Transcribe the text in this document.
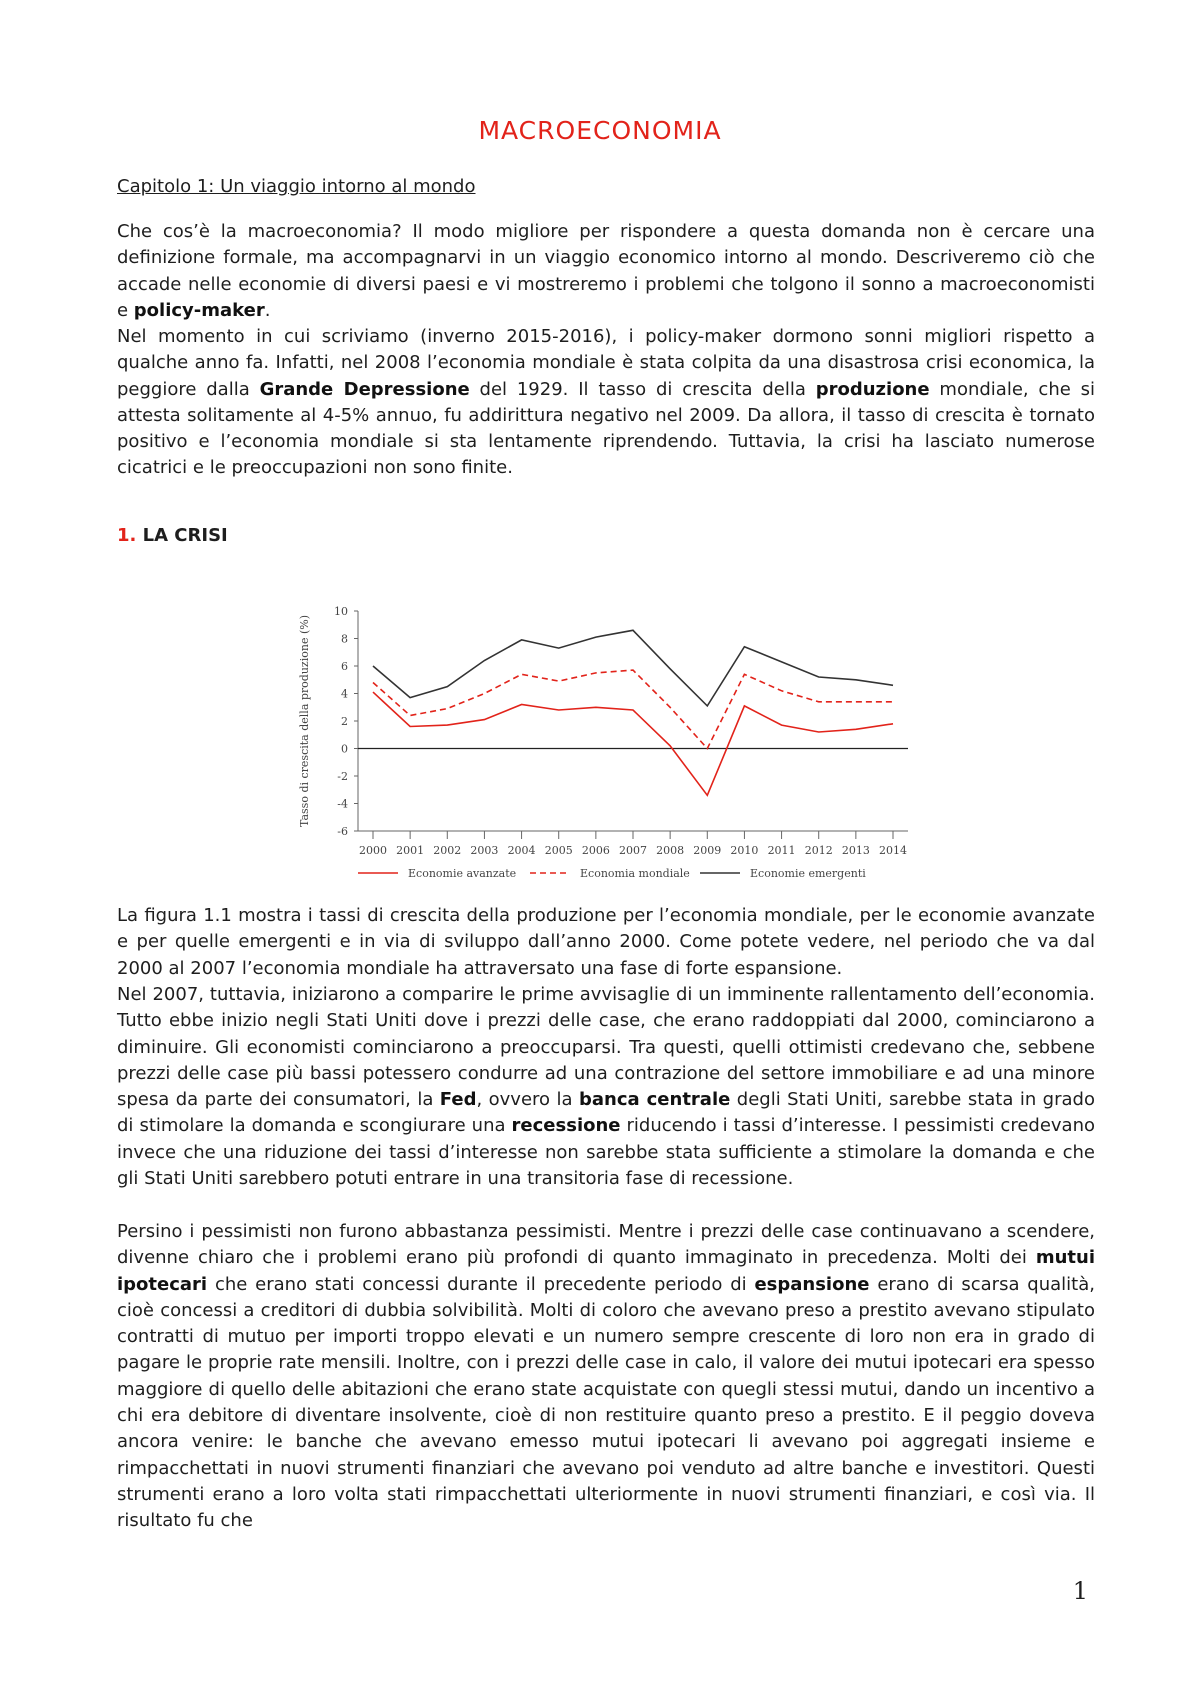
MACROECONOMIA
Capitolo 1: Un viaggio intorno al mondo
Che cos’è la macroeconomia? Il modo migliore per rispondere a questa domanda non è cercare una definizione formale, ma accompagnarvi in un viaggio economico intorno al mondo. Descriveremo ciò che accade nelle economie di diversi paesi e vi mostreremo i problemi che tolgono il sonno a macroeconomisti e policy-maker.
Nel momento in cui scriviamo (inverno 2015-2016), i policy-maker dormono sonni migliori rispetto a qualche anno fa. Infatti, nel 2008 l’economia mondiale è stata colpita da una disastrosa crisi economica, la peggiore dalla Grande Depressione del 1929. Il tasso di crescita della produzione mondiale, che si attesta solitamente al 4-5% annuo, fu addirittura negativo nel 2009. Da allora, il tasso di crescita è tornato positivo e l’economia mondiale si sta lentamente riprendendo. Tuttavia, la crisi ha lasciato numerose cicatrici e le preoccupazioni non sono finite.
1. LA CRISI
-6
-4
-2
0
2
4
6
8
10
2000 2001 2002 2003 2004 2005 2006 2007 2008 2009 2010 2011 2012 2013 2014
Tasso di crescita della produzione (%)
Economie avanzate	Economia mondiale	Economie emergenti
La figura 1.1 mostra i tassi di crescita della produzione per l’economia mondiale, per le economie avanzate e per quelle emergenti e in via di sviluppo dall’anno 2000. Come potete vedere, nel periodo che va dal 2000 al 2007 l’economia mondiale ha attraversato una fase di forte espansione.
Nel 2007, tuttavia, iniziarono a comparire le prime avvisaglie di un imminente rallentamento dell’economia. Tutto ebbe inizio negli Stati Uniti dove i prezzi delle case, che erano raddoppiati dal 2000, cominciarono a diminuire. Gli economisti cominciarono a preoccuparsi. Tra questi, quelli ottimisti credevano che, sebbene prezzi delle case più bassi potessero condurre ad una contrazione del settore immobiliare e ad una minore spesa da parte dei consumatori, la Fed, ovvero la banca centrale degli Stati Uniti, sarebbe stata in grado di stimolare la domanda e scongiurare una recessione riducendo i tassi d’interesse. I pessimisti credevano invece che una riduzione dei tassi d’interesse non sarebbe stata sufficiente a stimolare la domanda e che gli Stati Uniti sarebbero potuti entrare in una transitoria fase di recessione.
Persino i pessimisti non furono abbastanza pessimisti. Mentre i prezzi delle case continuavano a scendere, divenne chiaro che i problemi erano più profondi di quanto immaginato in precedenza. Molti dei mutui ipotecari che erano stati concessi durante il precedente periodo di espansione erano di scarsa qualità, cioè concessi a creditori di dubbia solvibilità. Molti di coloro che avevano preso a prestito avevano stipulato contratti di mutuo per importi troppo elevati e un numero sempre crescente di loro non era in grado di pagare le proprie rate mensili. Inoltre, con i prezzi delle case in calo, il valore dei mutui ipotecari era spesso maggiore di quello delle abitazioni che erano state acquistate con quegli stessi mutui, dando un incentivo a chi era debitore di diventare insolvente, cioè di non restituire quanto preso a prestito. E il peggio doveva ancora venire: le banche che avevano emesso mutui ipotecari li avevano poi aggregati insieme e rimpacchettati in nuovi strumenti finanziari che avevano poi venduto ad altre banche e investitori. Questi strumenti erano a loro volta stati rimpacchettati ulteriormente in nuovi strumenti finanziari, e così via. Il risultato fu che
1
